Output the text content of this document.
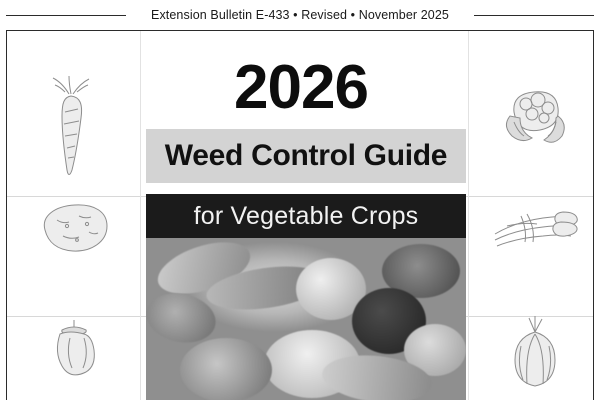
Extension Bulletin E-433 • Revised • November 2025
2026
Weed Control Guide
for Vegetable Crops
